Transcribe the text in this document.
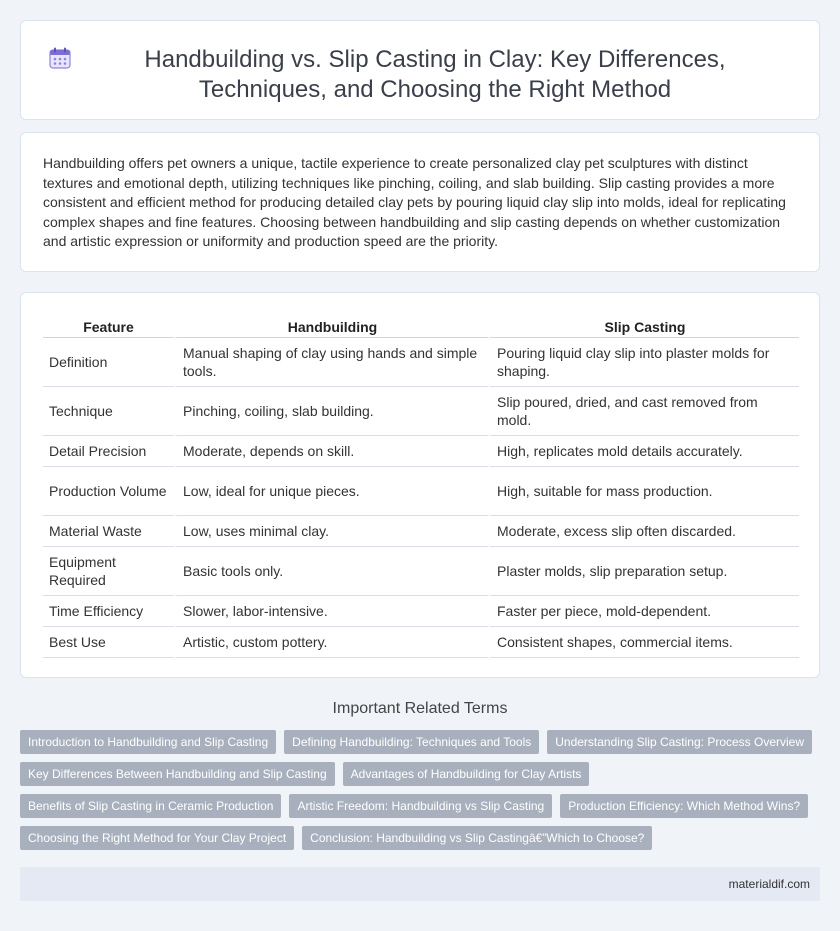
Handbuilding vs. Slip Casting in Clay: Key Differences, Techniques, and Choosing the Right Method

Handbuilding offers pet owners a unique, tactile experience to create personalized clay pet sculptures with distinct textures and emotional depth, utilizing techniques like pinching, coiling, and slab building. Slip casting provides a more consistent and efficient method for producing detailed clay pets by pouring liquid clay slip into molds, ideal for replicating complex shapes and fine features. Choosing between handbuilding and slip casting depends on whether customization and artistic expression or uniformity and production speed are the priority.

Feature	Handbuilding	Slip Casting
Definition	Manual shaping of clay using hands and simple tools.	Pouring liquid clay slip into plaster molds for shaping.
Technique	Pinching, coiling, slab building.	Slip poured, dried, and cast removed from mold.
Detail Precision	Moderate, depends on skill.	High, replicates mold details accurately.
Production Volume	Low, ideal for unique pieces.	High, suitable for mass production.
Material Waste	Low, uses minimal clay.	Moderate, excess slip often discarded.
Equipment Required	Basic tools only.	Plaster molds, slip preparation setup.
Time Efficiency	Slower, labor-intensive.	Faster per piece, mold-dependent.
Best Use	Artistic, custom pottery.	Consistent shapes, commercial items.
Important Related Terms
Introduction to Handbuilding and Slip Casting	Defining Handbuilding: Techniques and Tools	Understanding Slip Casting: Process Overview
Key Differences Between Handbuilding and Slip Casting	Advantages of Handbuilding for Clay Artists
Benefits of Slip Casting in Ceramic Production	Artistic Freedom: Handbuilding vs Slip Casting	Production Efficiency: Which Method Wins?
Choosing the Right Method for Your Clay Project	Conclusion: Handbuilding vs Slip Castingâ€”Which to Choose?
materialdif.com
